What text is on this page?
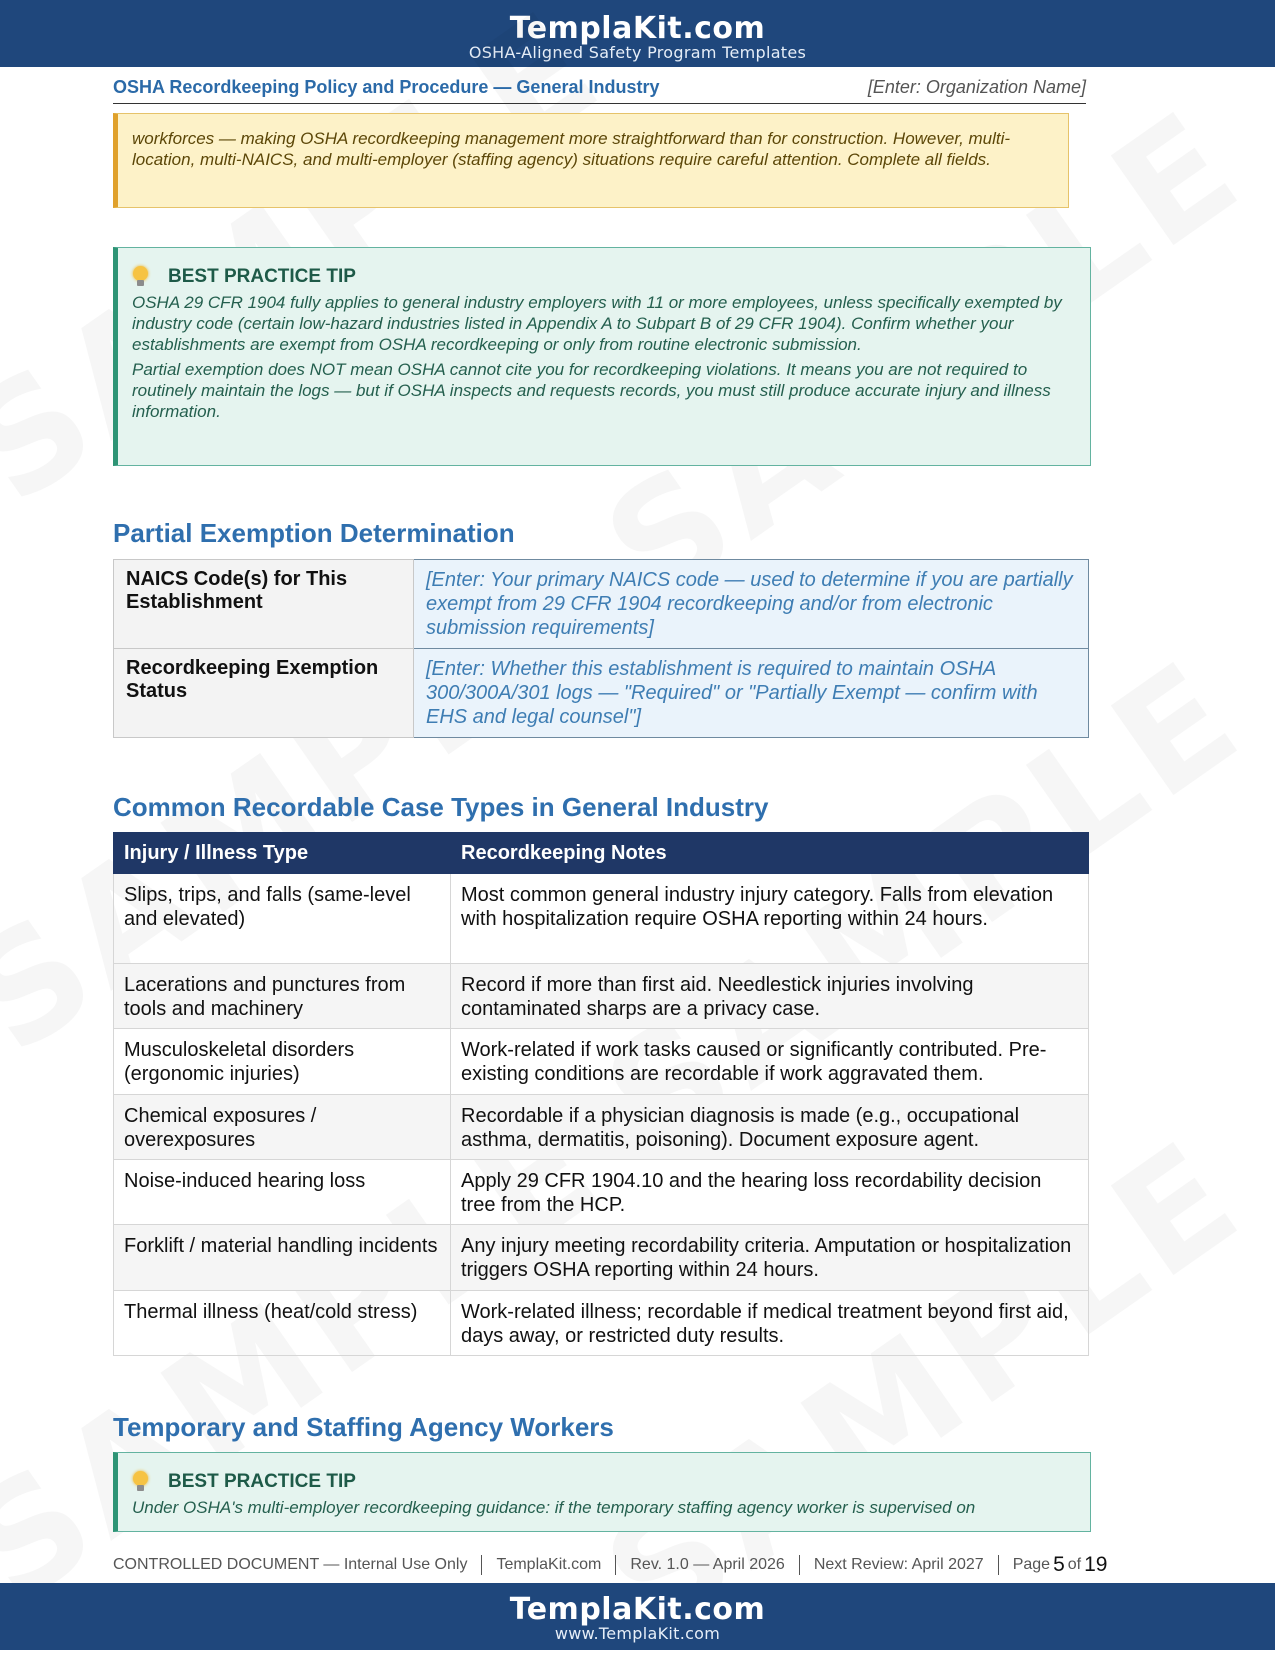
TemplaKit.com
OSHA-Aligned Safety Program Templates
OSHA Recordkeeping Policy and Procedure — General Industry	[Enter: Organization Name]

workforces — making OSHA recordkeeping management more straightforward than for construction. However, multi-location, multi-NAICS, and multi-employer (staffing agency) situations require careful attention. Complete all fields.

BEST PRACTICE TIP

OSHA 29 CFR 1904 fully applies to general industry employers with 11 or more employees, unless specifically exempted by industry code (certain low-hazard industries listed in Appendix A to Subpart B of 29 CFR 1904). Confirm whether your establishments are exempt from OSHA recordkeeping or only from routine electronic submission.

Partial exemption does NOT mean OSHA cannot cite you for recordkeeping violations. It means you are not required to routinely maintain the logs — but if OSHA inspects and requests records, you must still produce accurate injury and illness information.

Partial Exemption Determination
NAICS Code(s) for This Establishment	[Enter: Your primary NAICS code — used to determine if you are partially exempt from 29 CFR 1904 recordkeeping and/or from electronic submission requirements]
Recordkeeping Exemption Status	[Enter: Whether this establishment is required to maintain OSHA 300/300A/301 logs — "Required" or "Partially Exempt — confirm with EHS and legal counsel"]
Common Recordable Case Types in General Industry
Injury / Illness Type	Recordkeeping Notes
Slips, trips, and falls (same-level and elevated)	Most common general industry injury category. Falls from elevation with hospitalization require OSHA reporting within 24 hours.
Lacerations and punctures from tools and machinery	Record if more than first aid. Needlestick injuries involving contaminated sharps are a privacy case.
Musculoskeletal disorders (ergonomic injuries)	Work-related if work tasks caused or significantly contributed. Pre-existing conditions are recordable if work aggravated them.
Chemical exposures / overexposures	Recordable if a physician diagnosis is made (e.g., occupational asthma, dermatitis, poisoning). Document exposure agent.
Noise-induced hearing loss	Apply 29 CFR 1904.10 and the hearing loss recordability decision tree from the HCP.
Forklift / material handling incidents	Any injury meeting recordability criteria. Amputation or hospitalization triggers OSHA reporting within 24 hours.
Thermal illness (heat/cold stress)	Work-related illness; recordable if medical treatment beyond first aid, days away, or restricted duty results.
Temporary and Staffing Agency Workers
BEST PRACTICE TIP

Under OSHA's multi-employer recordkeeping guidance: if the temporary staffing agency worker is supervised on

CONTROLLED DOCUMENT — Internal Use Only TemplaKit.com Rev. 1.0 — April 2026 Next Review: April 2027 Page 5 of 19
TemplaKit.com
www.TemplaKit.com
